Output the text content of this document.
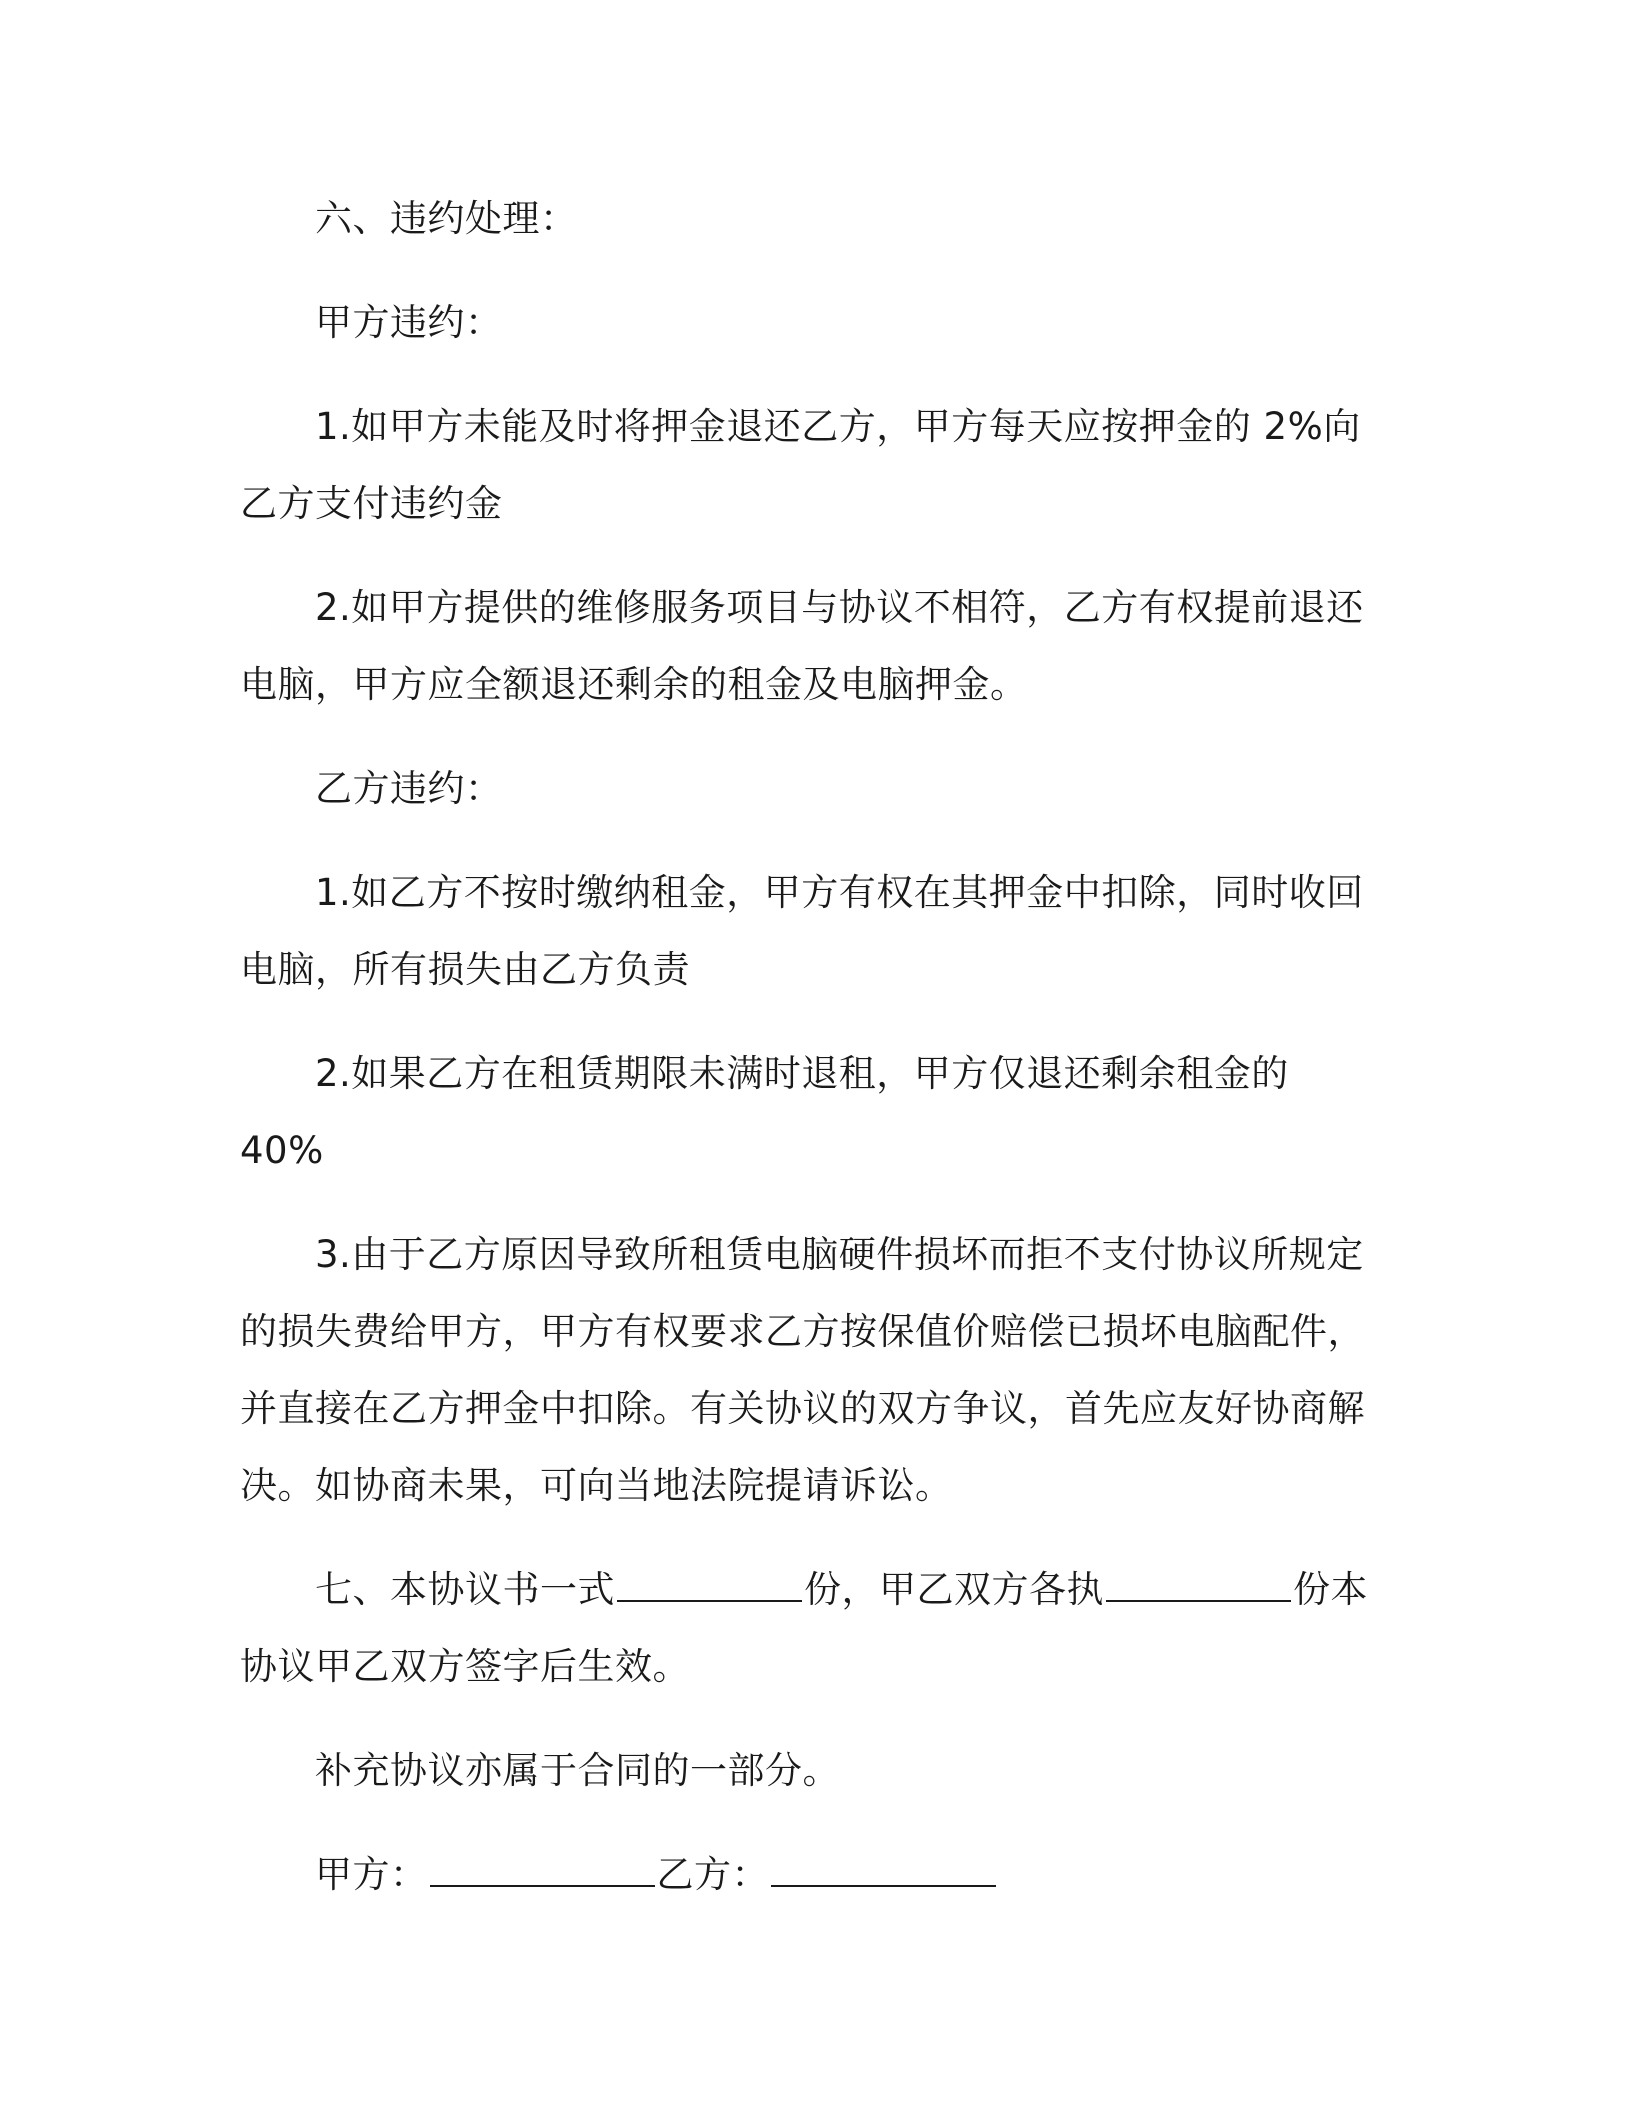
六、违约处理：

甲方违约：

1.如甲方未能及时将押金退还乙方，甲方每天应按押金的 2%向乙方支付违约金

2.如甲方提供的维修服务项目与协议不相符，乙方有权提前退还电脑，甲方应全额退还剩余的租金及电脑押金。

乙方违约：

1.如乙方不按时缴纳租金，甲方有权在其押金中扣除，同时收回电脑，所有损失由乙方负责

2.如果乙方在租赁期限未满时退租，甲方仅退还剩余租金的 40%

3.由于乙方原因导致所租赁电脑硬件损坏而拒不支付协议所规定的损失费给甲方，甲方有权要求乙方按保值价赔偿已损坏电脑配件，并直接在乙方押金中扣除。有关协议的双方争议，首先应友好协商解决。如协商未果，可向当地法院提请诉讼。

七、本协议书一式	份，甲乙双方各执	份本协议甲乙双方签字后生效。

补充协议亦属于合同的一部分。

甲方：	乙方：
